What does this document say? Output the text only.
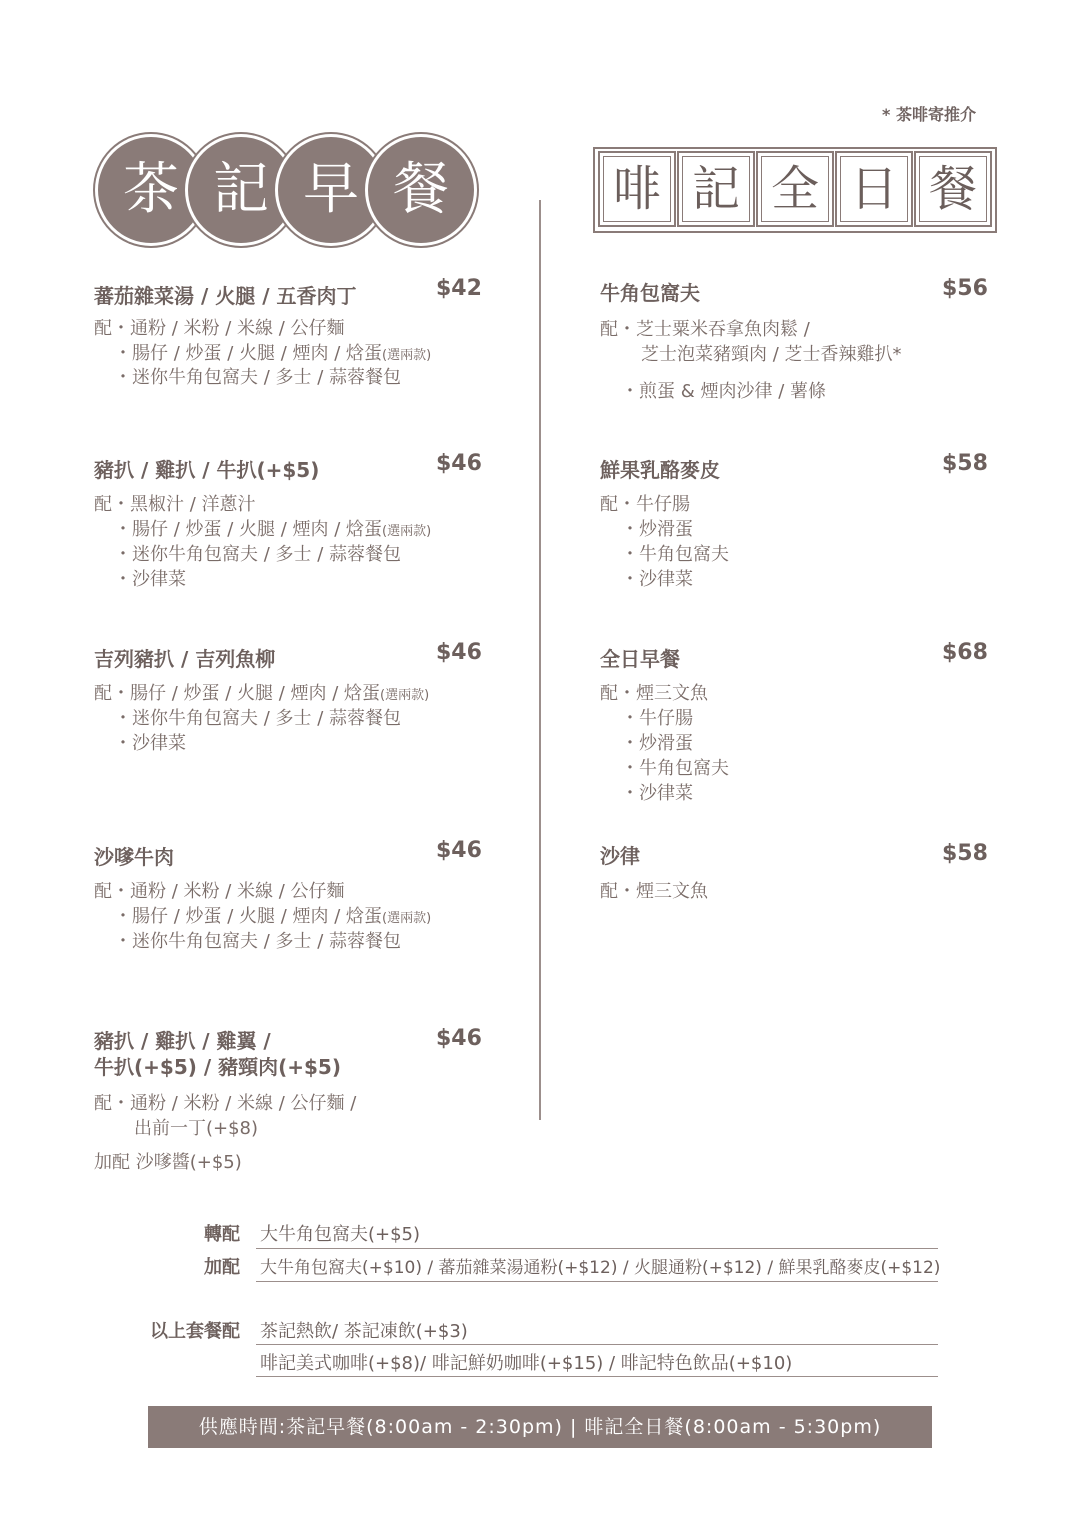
* 茶啡寄推介
茶 記 早 餐	啡 記 全 日 餐
蕃茄雜菜湯 / 火腿 / 五香肉丁	$42
配・通粉 / 米粉 / 米線 / 公仔麵
・腸仔 / 炒蛋 / 火腿 / 煙肉 / 焓蛋(選兩款)
・迷你牛角包窩夫 / 多士 / 蒜蓉餐包
豬扒 / 雞扒 / 牛扒(+$5)	$46
配・黑椒汁 / 洋蔥汁
・腸仔 / 炒蛋 / 火腿 / 煙肉 / 焓蛋(選兩款)
・迷你牛角包窩夫 / 多士 / 蒜蓉餐包
・沙律菜
吉列豬扒 / 吉列魚柳	$46
配・腸仔 / 炒蛋 / 火腿 / 煙肉 / 焓蛋(選兩款)
・迷你牛角包窩夫 / 多士 / 蒜蓉餐包
・沙律菜
沙嗲牛肉	$46
配・通粉 / 米粉 / 米線 / 公仔麵
・腸仔 / 炒蛋 / 火腿 / 煙肉 / 焓蛋(選兩款)
・迷你牛角包窩夫 / 多士 / 蒜蓉餐包
豬扒 / 雞扒 / 雞翼 /
牛扒(+$5) / 豬頸肉(+$5)
$46
配・通粉 / 米粉 / 米線 / 公仔麵 /
出前一丁(+$8)
加配 沙嗲醬(+$5)
牛角包窩夫	$56
配・芝士粟米吞拿魚肉鬆 /
芝士泡菜豬頸肉 / 芝士香辣雞扒*
・煎蛋 & 煙肉沙律 / 薯條
鮮果乳酪麥皮	$58
配・牛仔腸
・炒滑蛋
・牛角包窩夫
・沙律菜
全日早餐	$68
配・煙三文魚
・牛仔腸
・炒滑蛋
・牛角包窩夫
・沙律菜
沙律	$58
配・煙三文魚
轉配 大牛角包窩夫(+$5)
加配 大牛角包窩夫(+$10) / 蕃茄雜菜湯通粉(+$12) / 火腿通粉(+$12) / 鮮果乳酪麥皮(+$12)
以上套餐配 茶記熱飲/ 茶記凍飲(+$3)
啡記美式咖啡(+$8)/ 啡記鮮奶咖啡(+$15) / 啡記特色飲品(+$10)
供應時間:茶記早餐(8:00am - 2:30pm) | 啡記全日餐(8:00am - 5:30pm)
